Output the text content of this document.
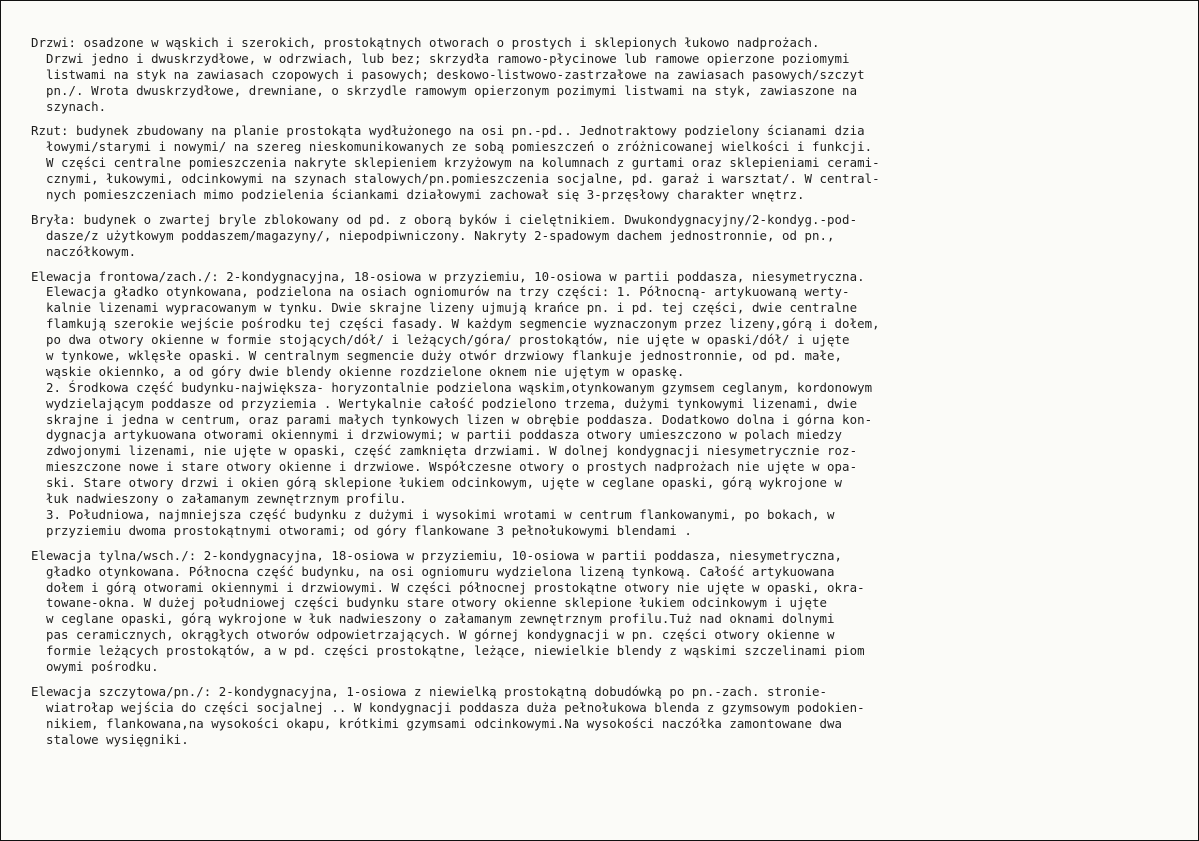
Drzwi: osadzone w wąskich i szerokich, prostokątnych otworach o prostych i sklepionych łukowo nadprożach.
Drzwi jedno i dwuskrzydłowe, w odrzwiach, lub bez; skrzydła ramowo-płycinowe lub ramowe opierzone poziomymi
listwami na styk na zawiasach czopowych i pasowych; deskowo-listwowo-zastrzałowe na zawiasach pasowych/szczyt
pn./. Wrota dwuskrzydłowe, drewniane, o skrzydle ramowym opierzonym pozimymi listwami na styk, zawiaszone na
szynach.
Rzut: budynek zbudowany na planie prostokąta wydłużonego na osi pn.-pd.. Jednotraktowy podzielony ścianami dzia
łowymi/starymi i nowymi/ na szereg nieskomunikowanych ze sobą pomieszczeń o zróżnicowanej wielkości i funkcji.
W części centralne pomieszczenia nakryte sklepieniem krzyżowym na kolumnach z gurtami oraz sklepieniami cerami-
cznymi, łukowymi, odcinkowymi na szynach stalowych/pn.pomieszczenia socjalne, pd. garaż i warsztat/. W central-
nych pomieszczeniach mimo podzielenia ściankami działowymi zachował się 3-przęsłowy charakter wnętrz.
Bryła: budynek o zwartej bryle zblokowany od pd. z oborą byków i cielętnikiem. Dwukondygnacyjny/2-kondyg.-pod-
dasze/z użytkowym poddaszem/magazyny/, niepodpiwniczony. Nakryty 2-spadowym dachem jednostronnie, od pn.,
naczółkowym.
Elewacja frontowa/zach./: 2-kondygnacyjna, 18-osiowa w przyziemiu, 10-osiowa w partii poddasza, niesymetryczna.
Elewacja gładko otynkowana, podzielona na osiach ogniomurów na trzy części: 1. Północną- artykuowaną werty-
kalnie lizenami wypracowanym w tynku. Dwie skrajne lizeny ujmują krańce pn. i pd. tej części, dwie centralne
flamkują szerokie wejście pośrodku tej części fasady. W każdym segmencie wyznaczonym przez lizeny,górą i dołem,
po dwa otwory okienne w formie stojących/dół/ i leżących/góra/ prostokątów, nie ujęte w opaski/dół/ i ujęte
w tynkowe, wklęsłe opaski. W centralnym segmencie duży otwór drzwiowy flankuje jednostronnie, od pd. małe,
wąskie okiennko, a od góry dwie blendy okienne rozdzielone oknem nie ujętym w opaskę.
2. Środkowa część budynku-największa- horyzontalnie podzielona wąskim,otynkowanym gzymsem ceglanym, kordonowym
wydzielającym poddasze od przyziemia . Wertykalnie całość podzielono trzema, dużymi tynkowymi lizenami, dwie
skrajne i jedna w centrum, oraz parami małych tynkowych lizen w obrębie poddasza. Dodatkowo dolna i górna kon-
dygnacja artykuowana otworami okiennymi i drzwiowymi; w partii poddasza otwory umieszczono w polach miedzy
zdwojonymi lizenami, nie ujęte w opaski, część zamknięta drzwiami. W dolnej kondygnacji niesymetrycznie roz-
mieszczone nowe i stare otwory okienne i drzwiowe. Współczesne otwory o prostych nadprożach nie ujęte w opa-
ski. Stare otwory drzwi i okien górą sklepione łukiem odcinkowym, ujęte w ceglane opaski, górą wykrojone w
łuk nadwieszony o załamanym zewnętrznym profilu.
3. Południowa, najmniejsza część budynku z dużymi i wysokimi wrotami w centrum flankowanymi, po bokach, w
przyziemiu dwoma prostokątnymi otworami; od góry flankowane 3 pełnołukowymi blendami .
Elewacja tylna/wsch./: 2-kondygnacyjna, 18-osiowa w przyziemiu, 10-osiowa w partii poddasza, niesymetryczna,
gładko otynkowana. Północna część budynku, na osi ogniomuru wydzielona lizeną tynkową. Całość artykuowana
dołem i górą otworami okiennymi i drzwiowymi. W części północnej prostokątne otwory nie ujęte w opaski, okra-
towane-okna. W dużej południowej części budynku stare otwory okienne sklepione łukiem odcinkowym i ujęte
w ceglane opaski, górą wykrojone w łuk nadwieszony o załamanym zewnętrznym profilu.Tuż nad oknami dolnymi
pas ceramicznych, okrągłych otworów odpowietrzających. W górnej kondygnacji w pn. części otwory okienne w
formie leżących prostokątów, a w pd. części prostokątne, leżące, niewielkie blendy z wąskimi szczelinami piom
owymi pośrodku.
Elewacja szczytowa/pn./: 2-kondygnacyjna, 1-osiowa z niewielką prostokątną dobudówką po pn.-zach. stronie-
wiatrołap wejścia do części socjalnej .. W kondygnacji poddasza duża pełnołukowa blenda z gzymsowym podokien-
nikiem, flankowana,na wysokości okapu, krótkimi gzymsami odcinkowymi.Na wysokości naczółka zamontowane dwa
stalowe wysięgniki.
